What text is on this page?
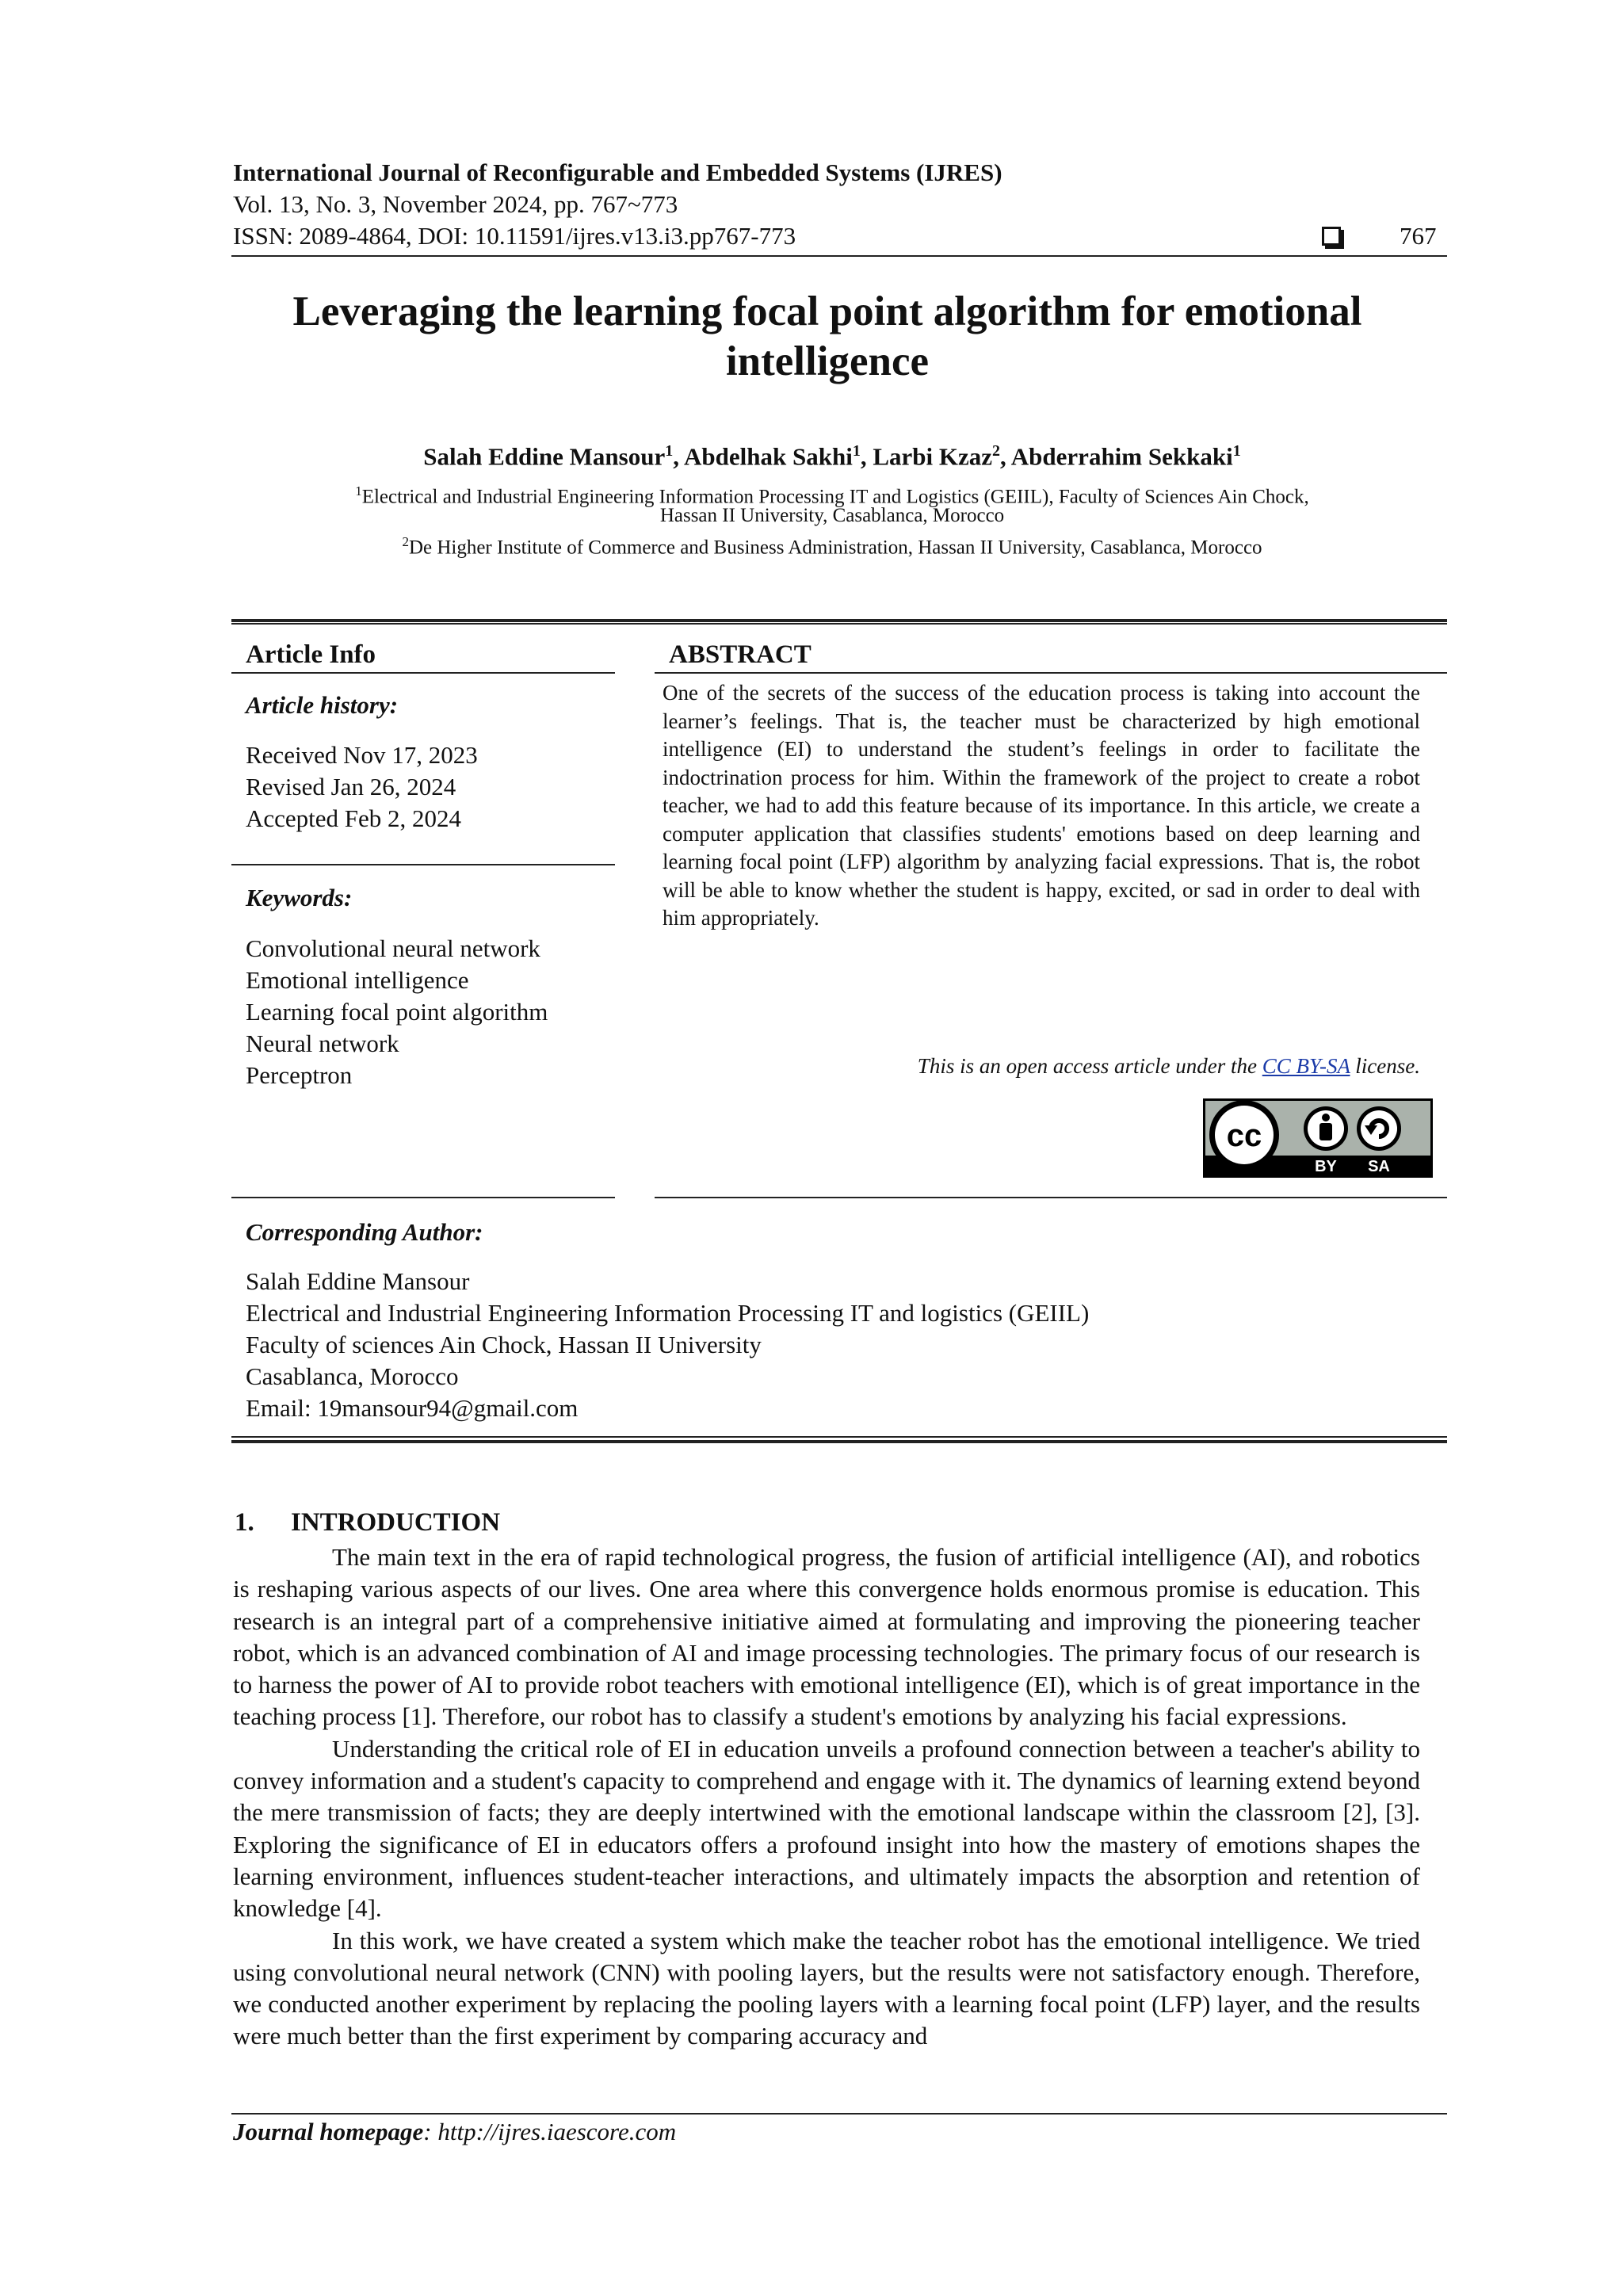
International Journal of Reconfigurable and Embedded Systems (IJRES)
Vol. 13, No. 3, November 2024, pp. 767~773
ISSN: 2089-4864, DOI: 10.11591/ijres.v13.i3.pp767-773	767
Leveraging the learning focal point algorithm for emotional intelligence
Salah Eddine Mansour$^1$, Abdelhak Sakhi$^1$, Larbi Kzaz$^2$, Abderrahim Sekkaki$^1$
$^1$Electrical and Industrial Engineering Information Processing IT and Logistics (GEIIL), Faculty of Sciences Ain Chock,
Hassan II University, Casablanca, Morocco
$^2$De Higher Institute of Commerce and Business Administration, Hassan II University, Casablanca, Morocco
Article Info
Article history:
Received Nov 17, 2023
Revised Jan 26, 2024
Accepted Feb 2, 2024
Keywords:
Convolutional neural network
Emotional intelligence
Learning focal point algorithm
Neural network
Perceptron
ABSTRACT
One of the secrets of the success of the education process is taking into account the learner’s feelings. That is, the teacher must be characterized by high emotional intelligence (EI) to understand the student’s feelings in order to facilitate the indoctrination process for him. Within the framework of the project to create a robot teacher, we had to add this feature because of its importance. In this article, we create a computer application that classifies students' emotions based on deep learning and learning focal point (LFP) algorithm by analyzing facial expressions. That is, the robot will be able to know whether the student is happy, excited, or sad in order to deal with him appropriately.
This is an open access article under the CC BY-SA license.
cc
BY SA
Corresponding Author:
Salah Eddine Mansour
Electrical and Industrial Engineering Information Processing IT and logistics (GEIIL)
Faculty of sciences Ain Chock, Hassan II University
Casablanca, Morocco
Email: 19mansour94@gmail.com
1. INTRODUCTION

The main text in the era of rapid technological progress, the fusion of artificial intelligence (AI), and robotics is reshaping various aspects of our lives. One area where this convergence holds enormous promise is education. This research is an integral part of a comprehensive initiative aimed at formulating and improving the pioneering teacher robot, which is an advanced combination of AI and image processing technologies. The primary focus of our research is to harness the power of AI to provide robot teachers with emotional intelligence (EI), which is of great importance in the teaching process [1]. Therefore, our robot has to classify a student's emotions by analyzing his facial expressions.

Understanding the critical role of EI in education unveils a profound connection between a teacher's ability to convey information and a student's capacity to comprehend and engage with it. The dynamics of learning extend beyond the mere transmission of facts; they are deeply intertwined with the emotional landscape within the classroom [2], [3]. Exploring the significance of EI in educators offers a profound insight into how the mastery of emotions shapes the learning environment, influences student-teacher interactions, and ultimately impacts the absorption and retention of knowledge [4].

In this work, we have created a system which make the teacher robot has the emotional intelligence. We tried using convolutional neural network (CNN) with pooling layers, but the results were not satisfactory enough. Therefore, we conducted another experiment by replacing the pooling layers with a learning focal point (LFP) layer, and the results were much better than the first experiment by comparing accuracy and

Journal homepage: http://ijres.iaescore.com
